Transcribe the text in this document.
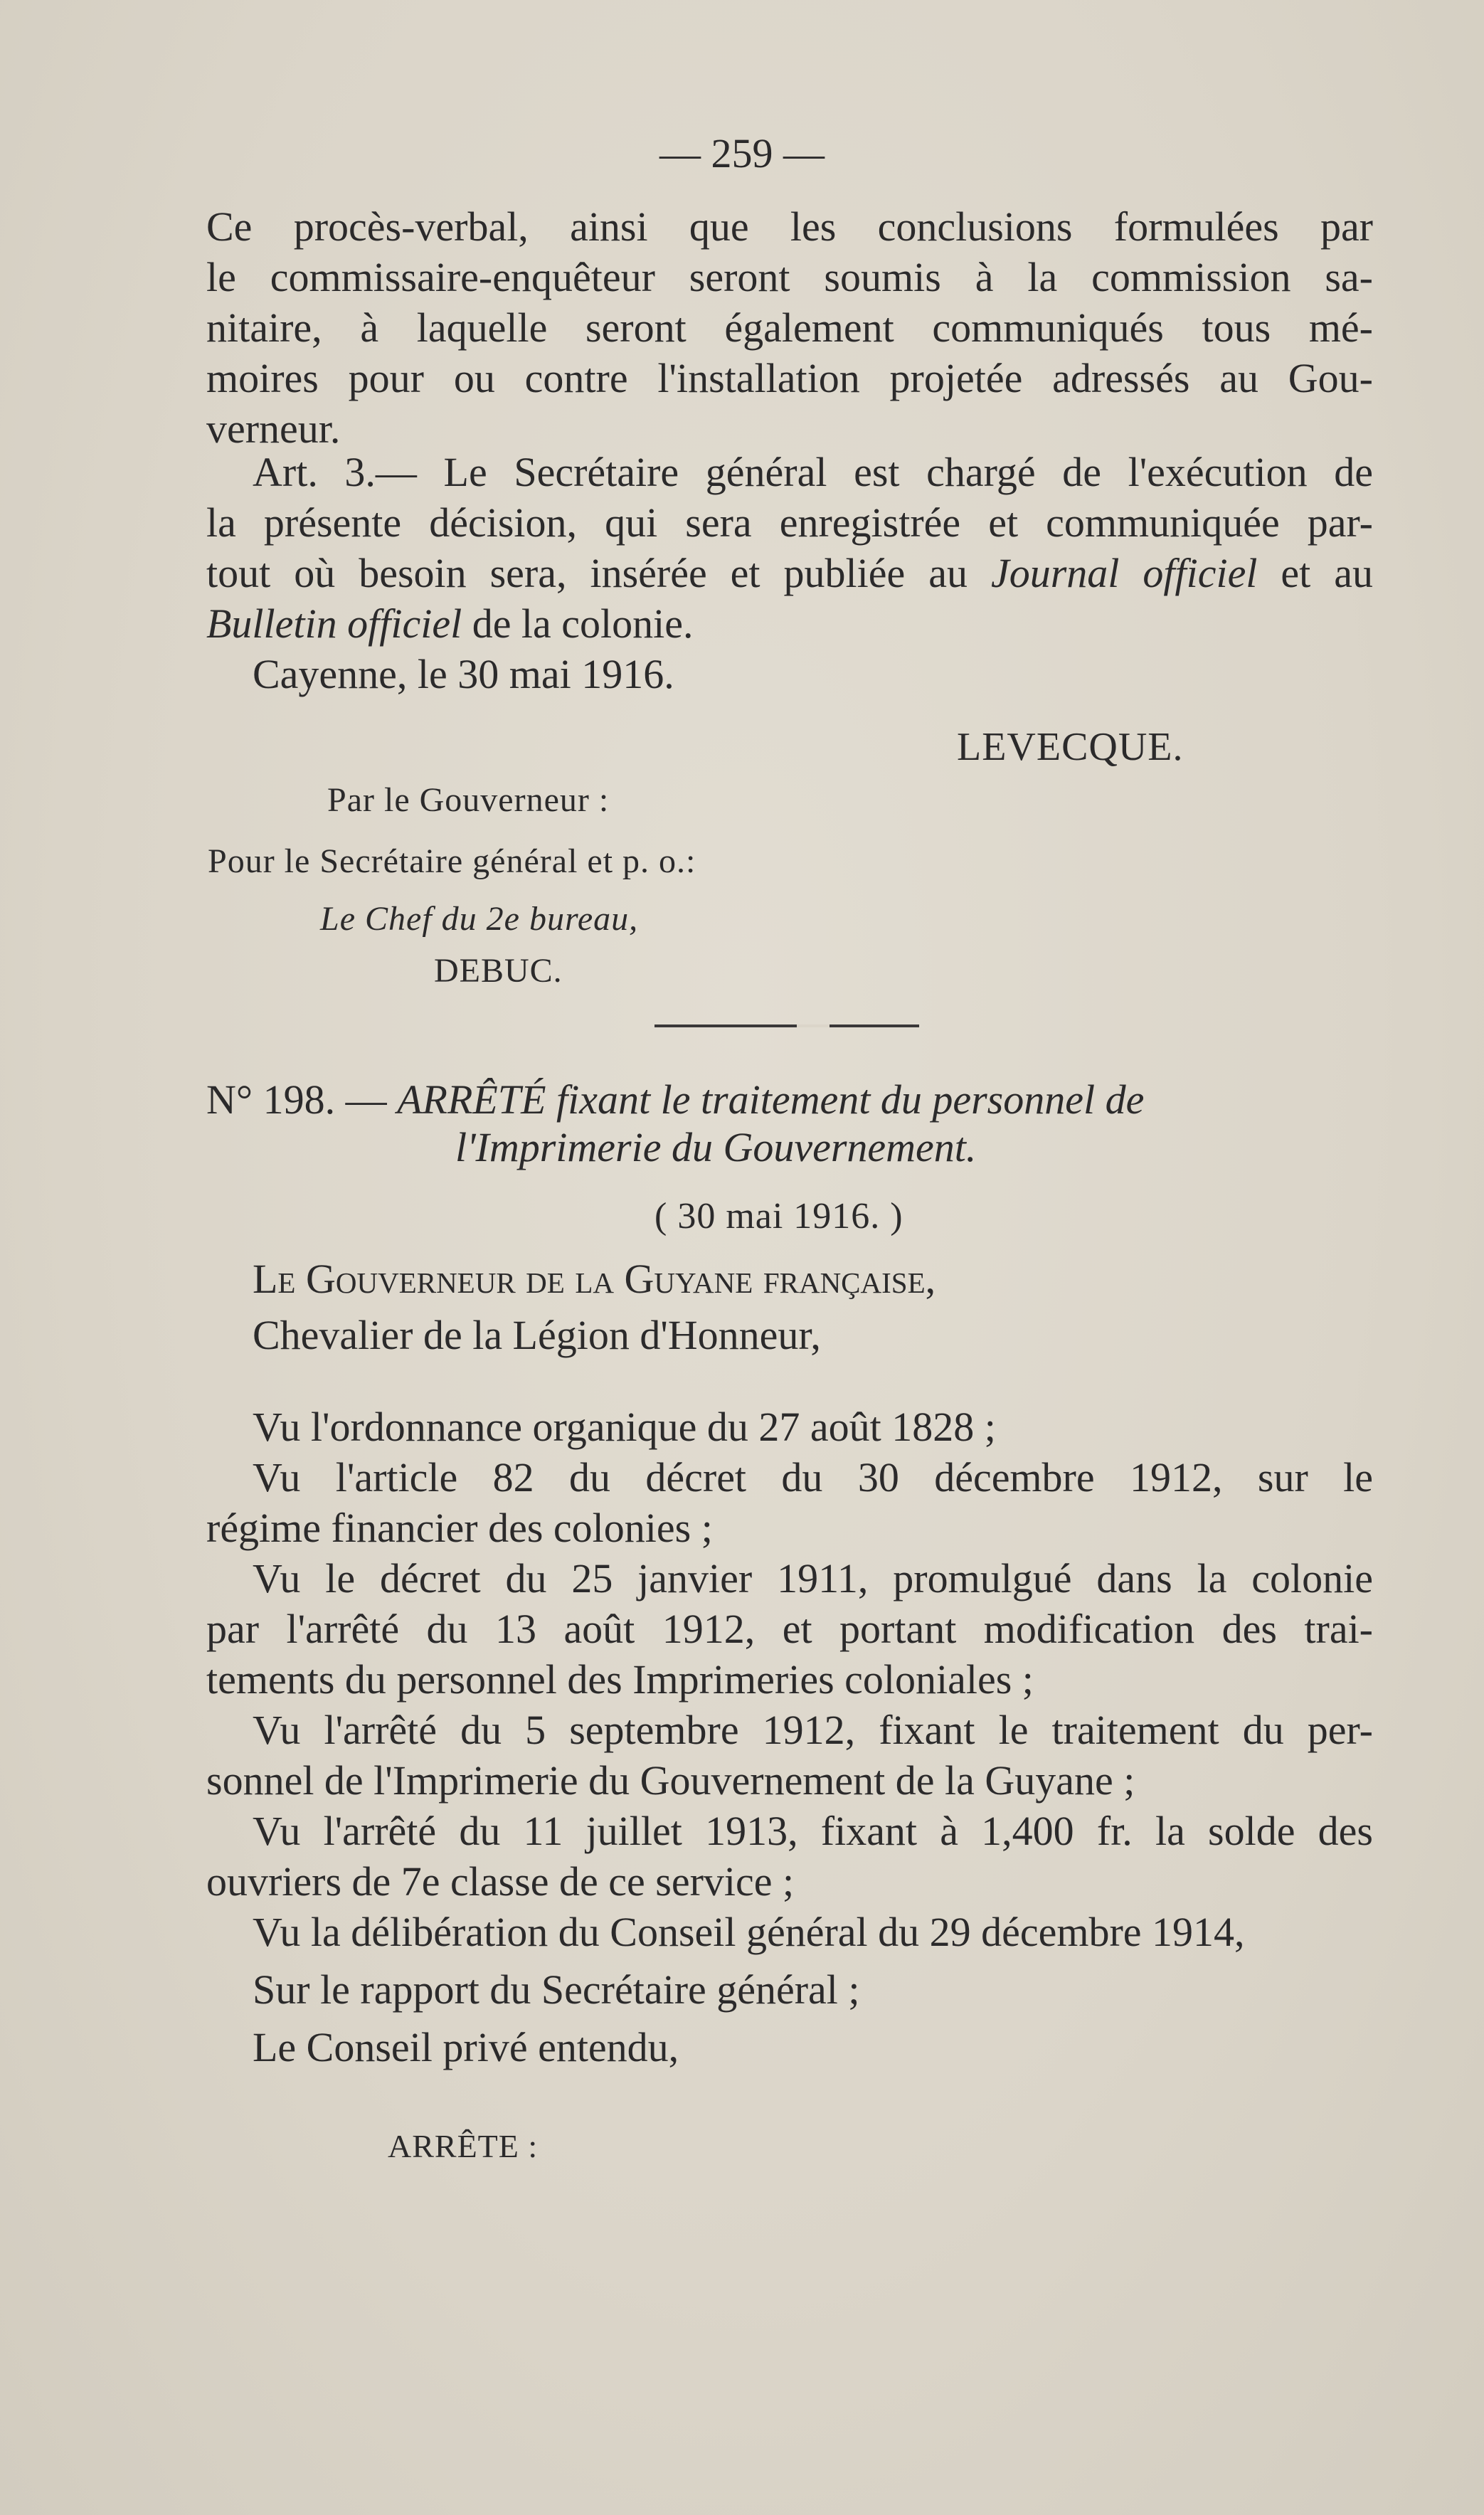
— 259 —
Ce procès-verbal, ainsi que les conclusions formulées par
le commissaire-enquêteur seront soumis à la commission sa-
nitaire, à laquelle seront également communiqués tous mé-
moires pour ou contre l'installation projetée adressés au Gou-
verneur.
Art. 3.— Le Secrétaire général est chargé de l'exécution de
la présente décision, qui sera enregistrée et communiquée par-
tout où besoin sera, insérée et publiée au Journal officiel et au
Bulletin officiel de la colonie.
Cayenne, le 30 mai 1916.
LEVECQUE.
Par le Gouverneur :
Pour le Secrétaire général et p. o.:
Le Chef du 2e bureau,
DEBUC.
N° 198. — ARRÊTÉ fixant le traitement du personnel de
l'Imprimerie du Gouvernement.
( 30 mai 1916. )
Le Gouverneur de la Guyane française,
Chevalier de la Légion d'Honneur,
Vu l'ordonnance organique du 27 août 1828 ;
Vu l'article 82 du décret du 30 décembre 1912, sur le
régime financier des colonies ;
Vu le décret du 25 janvier 1911, promulgué dans la colonie
par l'arrêté du 13 août 1912, et portant modification des trai-
tements du personnel des Imprimeries coloniales ;
Vu l'arrêté du 5 septembre 1912, fixant le traitement du per-
sonnel de l'Imprimerie du Gouvernement de la Guyane ;
Vu l'arrêté du 11 juillet 1913, fixant à 1,400 fr. la solde des
ouvriers de 7e classe de ce service ;
Vu la délibération du Conseil général du 29 décembre 1914,
Sur le rapport du Secrétaire général ;
Le Conseil privé entendu,
ARRÊTE :
